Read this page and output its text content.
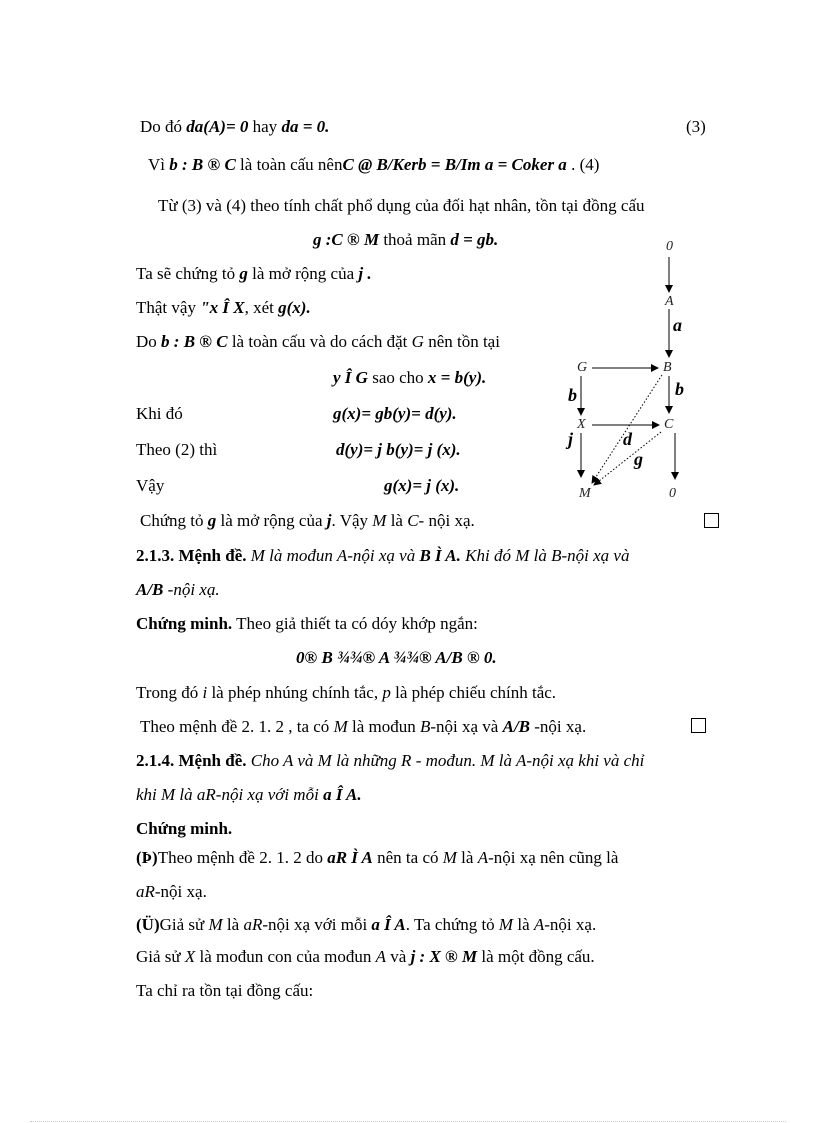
Do đó da(A)= 0 hay da = 0.	(3)
Vì b : B ® C là toàn cấu nênC @ B/Kerb = B/Im a = Coker a . (4)
Từ (3) và (4) theo tính chất phổ dụng của đối hạt nhân, tồn tại đồng cấu
g :C ® M thoả mãn d = gb.
Ta sẽ chứng tỏ g là mở rộng của j .
Thật vậy "x Î X, xét g(x).
Do b : B ® C là toàn cấu và do cách đặt G nên tồn tại
y Î G sao cho x = b(y).
Khi đó	g(x)= gb(y)= d(y).
Theo (2) thì	d(y)= j b(y)= j (x).
Vậy	g(x)= j (x).
Chứng tỏ g là mở rộng của j. Vậy M là C- nội xạ.
2.1.3. Mệnh đề. M là mođun A-nội xạ và B Ì A. Khi đó M là B-nội xạ và
A/B -nội xạ.
Chứng minh. Theo giả thiết ta có dóy khớp ngắn:
0® B ¾¾® A ¾¾® A/B ® 0.
Trong đó i là phép nhúng chính tắc, p là phép chiếu chính tắc.
Theo mệnh đề 2. 1. 2 , ta có M là mođun B-nội xạ và A/B -nội xạ.
2.1.4. Mệnh đề. Cho A và M là những R - mođun. M là A-nội xạ khi và chỉ
khi M là aR-nội xạ với mỗi a Î A.
Chứng minh.
(Þ)Theo mệnh đề 2. 1. 2 do aR Ì A nên ta có M là A-nội xạ nên cũng là
aR-nội xạ.
(Ü)Giả sử M là aR-nội xạ với mỗi a Î A. Ta chứng tỏ M là A-nội xạ.
Giả sử X là mođun con của mođun A và j : X ® M là một đồng cấu.
Ta chỉ ra tồn tại đồng cấu:
0
A
a
G	B
b	b
X	C
j	d
g
M	0
